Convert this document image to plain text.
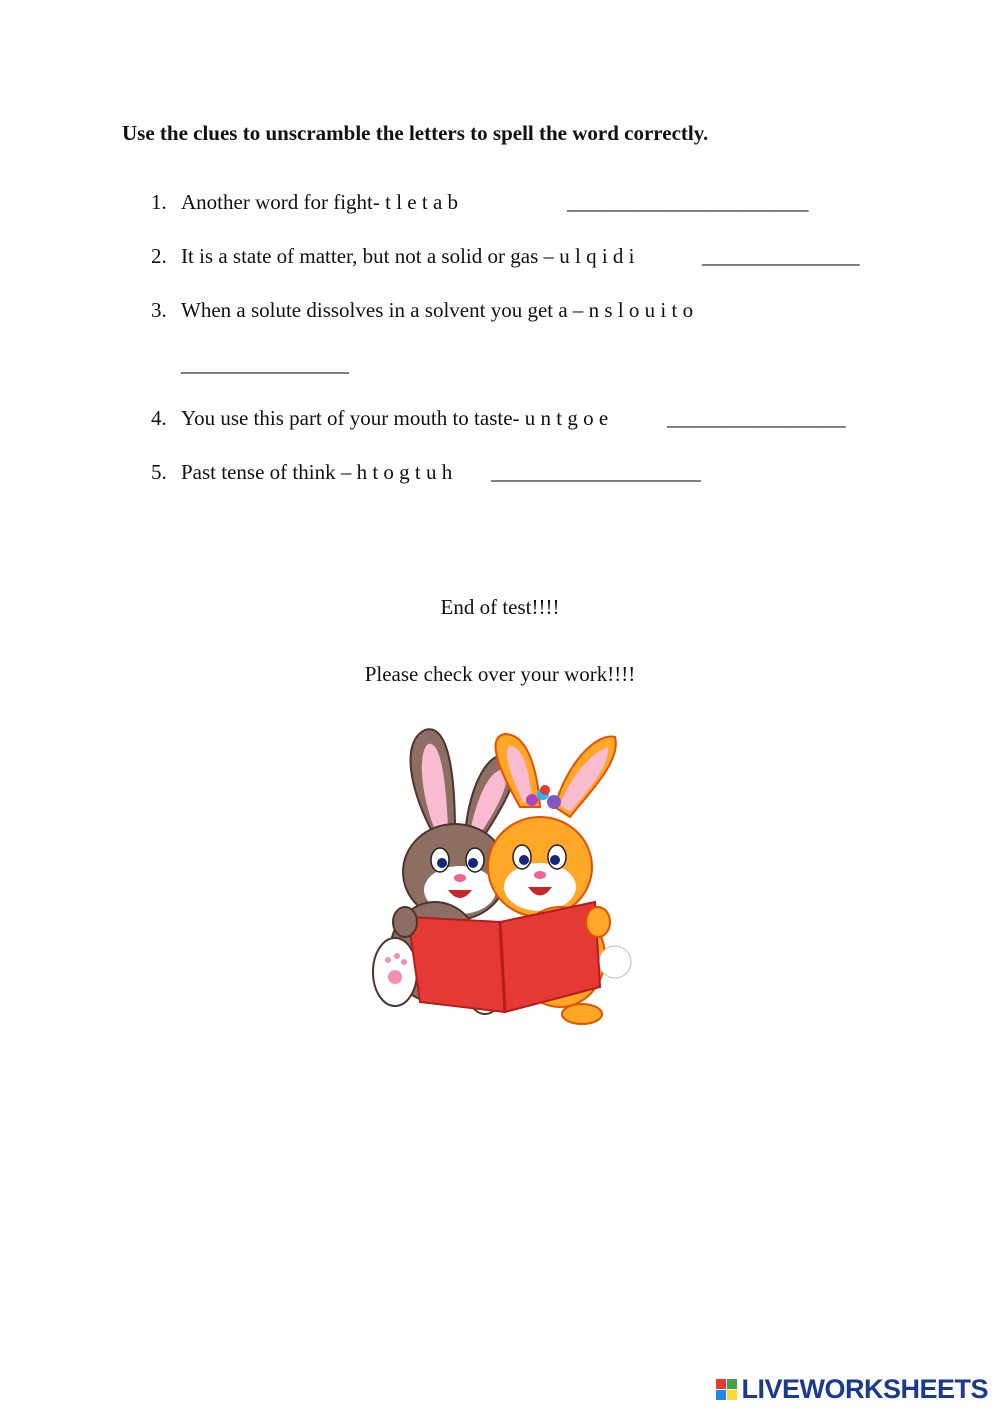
Use the clues to unscramble the letters to spell the word correctly.

1. Another word for fight- t l e t a b	_______________________
2. It is a state of matter, but not a solid or gas – u l q i d i	_______________
3. When a solute dissolves in a solvent you get a – n s l o u i t o
________________
4. You use this part of your mouth to taste- u n t g o e	_________________
5. Past tense of think – h t o g t u h ____________________
End of test!!!!
Please check over your work!!!!
LIVEWORKSHEETS
